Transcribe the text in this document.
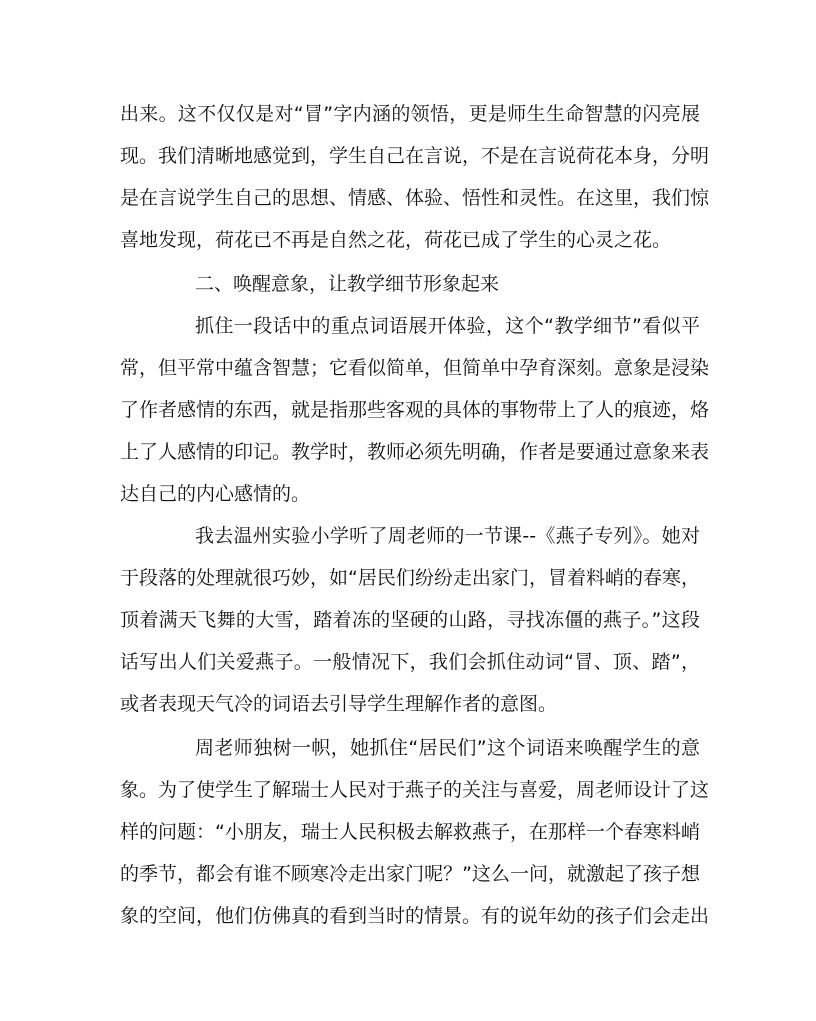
出来。这不仅仅是对“冒”字内涵的领悟，更是师生生命智慧的闪亮展
现。我们清晰地感觉到，学生自己在言说，不是在言说荷花本身，分明
是在言说学生自己的思想、情感、体验、悟性和灵性。在这里，我们惊
喜地发现，荷花已不再是自然之花，荷花已成了学生的心灵之花。
二、唤醒意象，让教学细节形象起来
抓住一段话中的重点词语展开体验，这个“教学细节”看似平
常，但平常中蕴含智慧；它看似简单，但简单中孕育深刻。意象是浸染
了作者感情的东西，就是指那些客观的具体的事物带上了人的痕迹，烙
上了人感情的印记。教学时，教师必须先明确，作者是要通过意象来表
达自己的内心感情的。
我去温州实验小学听了周老师的一节课--《燕子专列》。她对
于段落的处理就很巧妙，如“居民们纷纷走出家门，冒着料峭的春寒，
顶着满天飞舞的大雪，踏着冻的坚硬的山路，寻找冻僵的燕子。”这段
话写出人们关爱燕子。一般情况下，我们会抓住动词“冒、顶、踏”，
或者表现天气冷的词语去引导学生理解作者的意图。
周老师独树一帜，她抓住“居民们”这个词语来唤醒学生的意
象。为了使学生了解瑞士人民对于燕子的关注与喜爱，周老师设计了这
样的问题：“小朋友，瑞士人民积极去解救燕子，在那样一个春寒料峭
的季节，都会有谁不顾寒冷走出家门呢？”这么一问，就激起了孩子想
象的空间，他们仿佛真的看到当时的情景。有的说年幼的孩子们会走出
